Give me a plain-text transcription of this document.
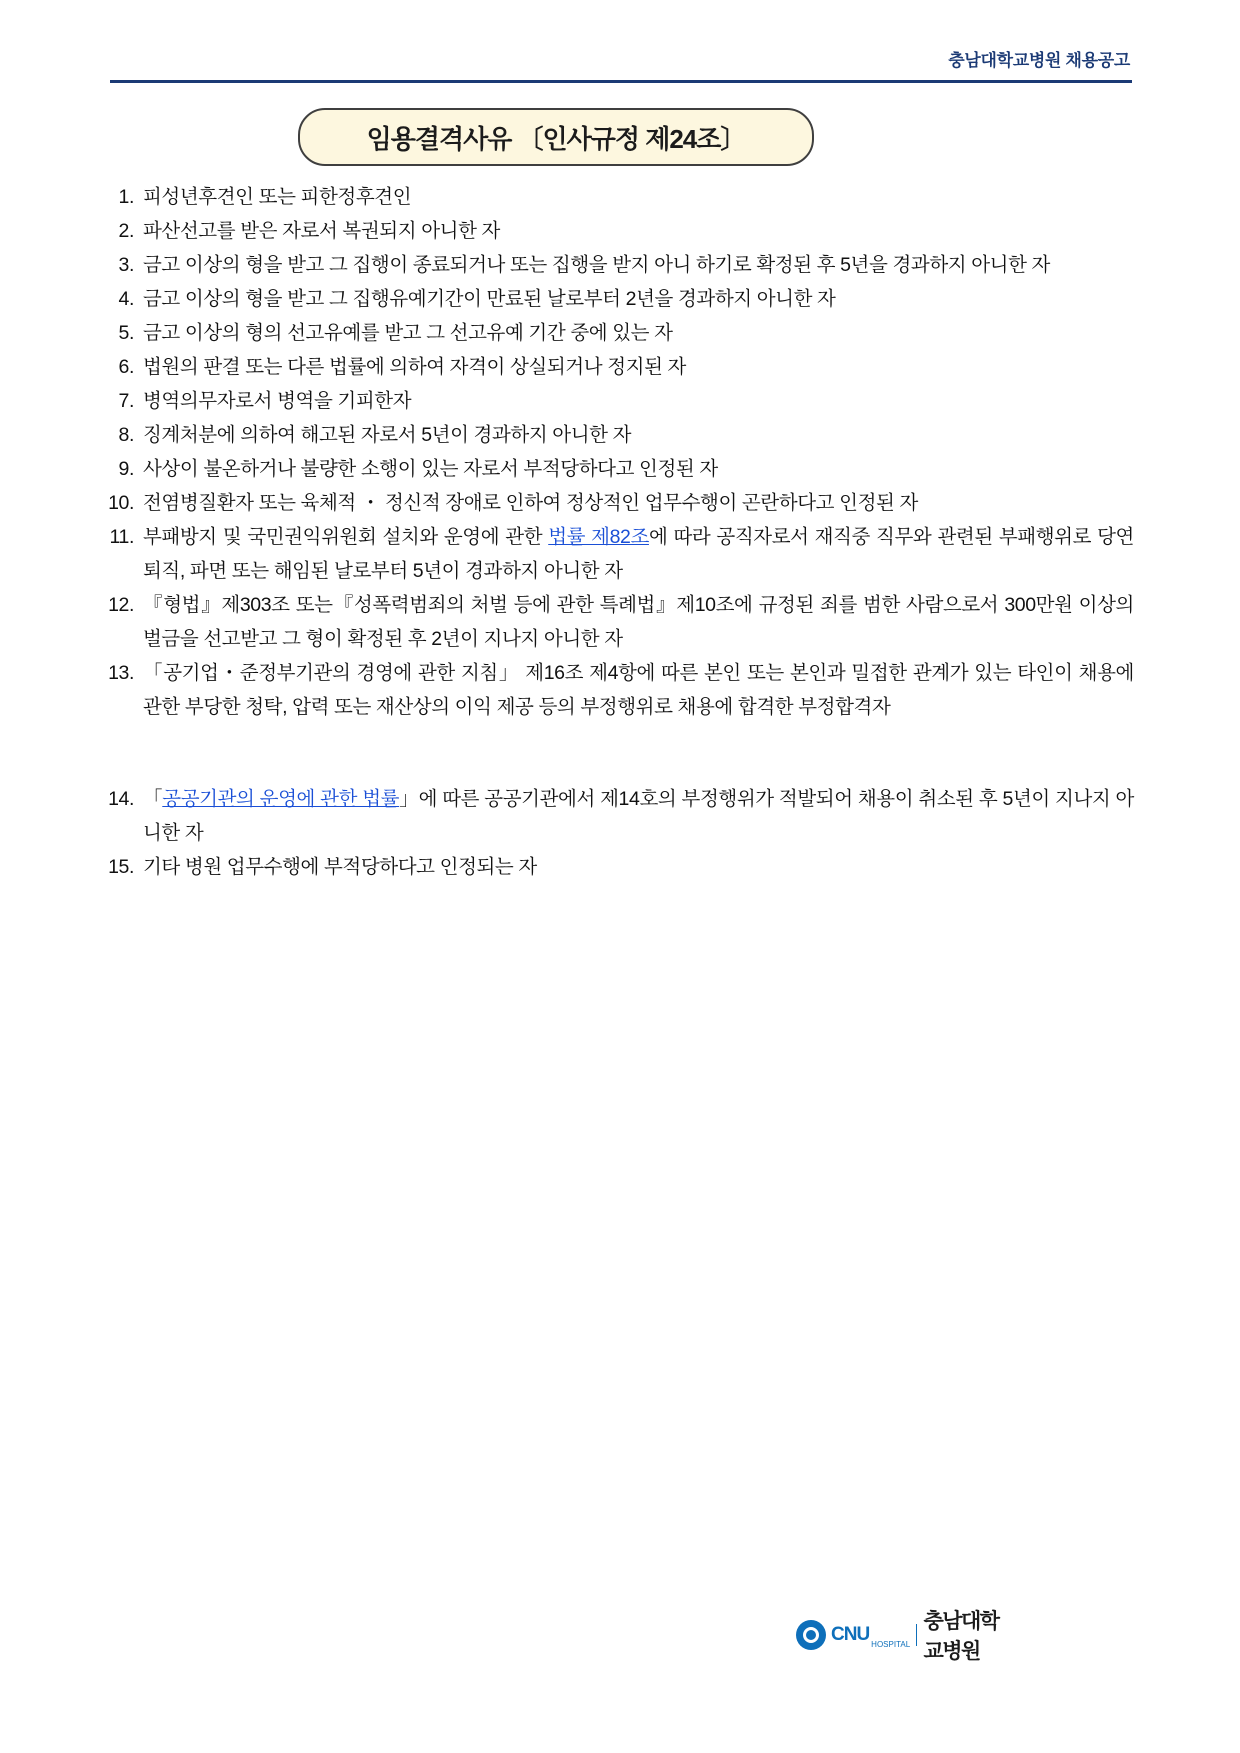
충남대학교병원 채용공고
임용결격사유 〔인사규정 제24조〕
1. 피성년후견인 또는 피한정후견인
2. 파산선고를 받은 자로서 복권되지 아니한 자
3. 금고 이상의 형을 받고 그 집행이 종료되거나 또는 집행을 받지 아니 하기로 확정된 후 5년을 경과하지 아니한 자
4. 금고 이상의 형을 받고 그 집행유예기간이 만료된 날로부터 2년을 경과하지 아니한 자
5. 금고 이상의 형의 선고유예를 받고 그 선고유예 기간 중에 있는 자
6. 법원의 판결 또는 다른 법률에 의하여 자격이 상실되거나 정지된 자
7. 병역의무자로서 병역을 기피한자
8. 징계처분에 의하여 해고된 자로서 5년이 경과하지 아니한 자
9. 사상이 불온하거나 불량한 소행이 있는 자로서 부적당하다고 인정된 자
10. 전염병질환자 또는 육체적 ・ 정신적 장애로 인하여 정상적인 업무수행이 곤란하다고 인정된 자
11. 부패방지 및 국민권익위원회 설치와 운영에 관한 법률 제82조에 따라 공직자로서 재직중 직무와 관련된 부패행위로 당연퇴직, 파면 또는 해임된 날로부터 5년이 경과하지 아니한 자
12. 『형법』제303조 또는『성폭력범죄의 처벌 등에 관한 특례법』제10조에 규정된 죄를 범한 사람으로서 300만원 이상의 벌금을 선고받고 그 형이 확정된 후 2년이 지나지 아니한 자
13. 「공기업・준정부기관의 경영에 관한 지침」 제16조 제4항에 따른 본인 또는 본인과 밀접한 관계가 있는 타인이 채용에 관한 부당한 청탁, 압력 또는 재산상의 이익 제공 등의 부정행위로 채용에 합격한 부정합격자
14. 「공공기관의 운영에 관한 법률」에 따른 공공기관에서 제14호의 부정행위가 적발되어 채용이 취소된 후 5년이 지나지 아니한 자
15. 기타 병원 업무수행에 부적당하다고 인정되는 자
CNU HOSPITAL
충남대학교병원
